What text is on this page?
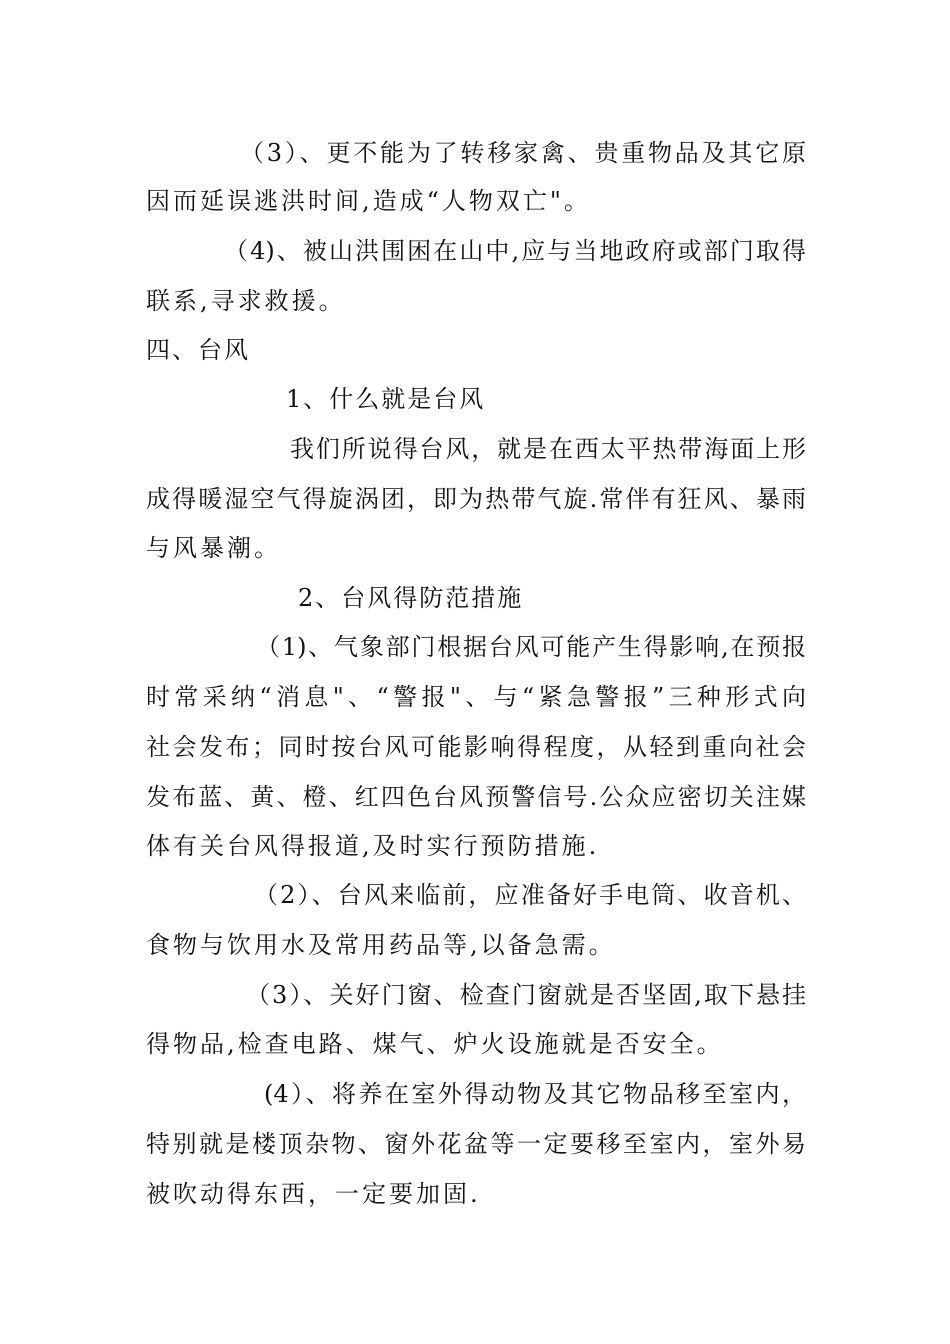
（3）、更不能为了转移家禽、贵重物品及其它原

因而延误逃洪时间,造成“人物双亡"。

（4)、被山洪围困在山中,应与当地政府或部门取得

联系,寻求救援。

四、台风

1、什么就是台风

我们所说得台风，就是在西太平热带海面上形

成得暖湿空气得旋涡团，即为热带气旋.常伴有狂风、暴雨

与风暴潮。

2、台风得防范措施

（1)、气象部门根据台风可能产生得影响,在预报

时常采纳“消息"、“警报"、与“紧急警报”三种形式向

社会发布；同时按台风可能影响得程度，从轻到重向社会

发布蓝、黄、橙、红四色台风预警信号.公众应密切关注媒

体有关台风得报道,及时实行预防措施.

（2）、台风来临前，应准备好手电筒、收音机、

食物与饮用水及常用药品等,以备急需。

（3）、关好门窗、检查门窗就是否坚固,取下悬挂

得物品,检查电路、煤气、炉火设施就是否安全。

(4）、将养在室外得动物及其它物品移至室内，

特别就是楼顶杂物、窗外花盆等一定要移至室内，室外易

被吹动得东西，一定要加固.
